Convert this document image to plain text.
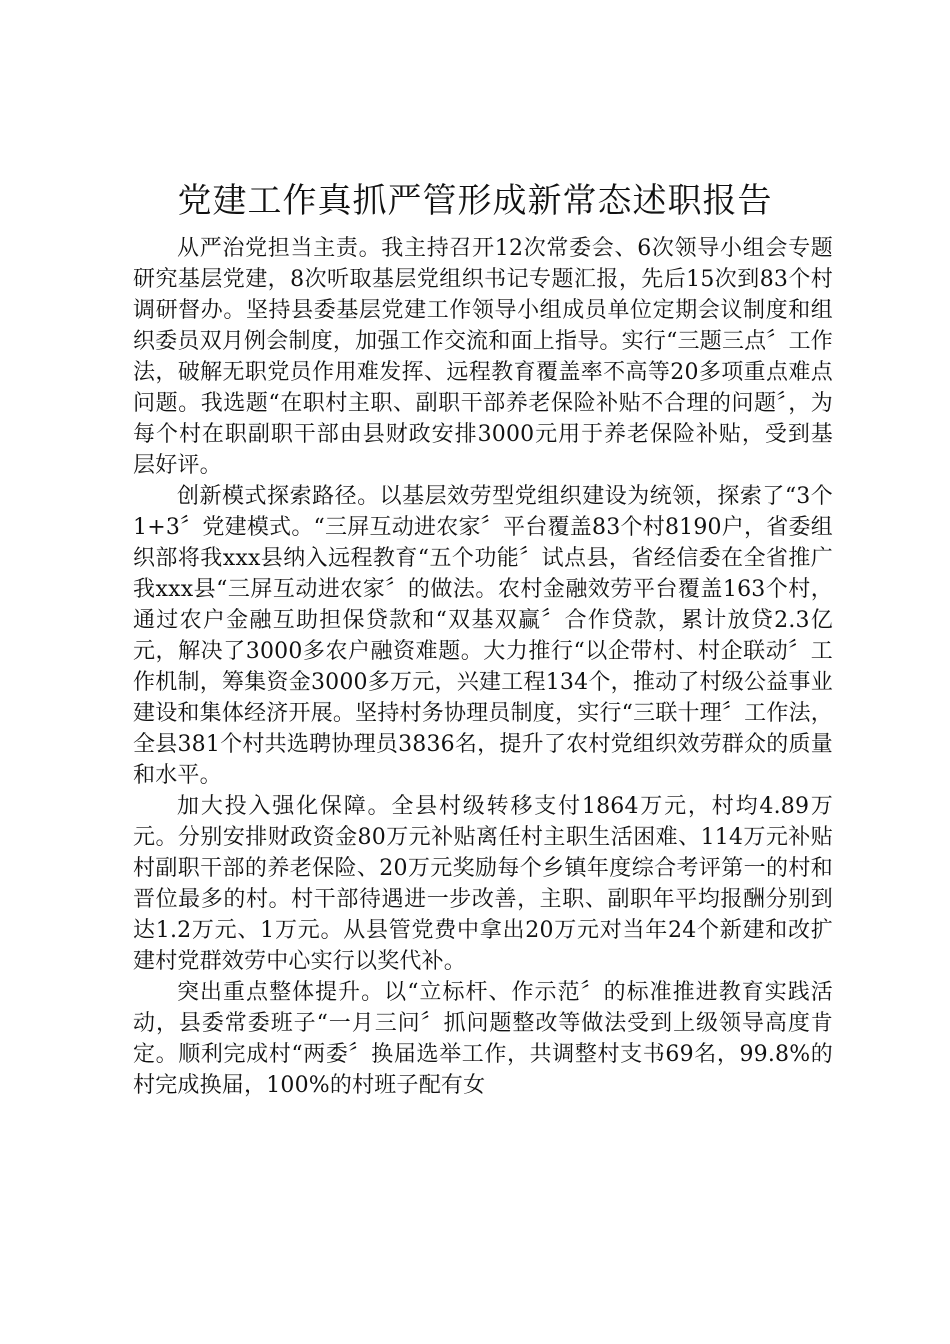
党建工作真抓严管形成新常态述职报告

从严治党担当主责。我主持召开12次常委会、6次领导小组会专题研究基层党建，8次听取基层党组织书记专题汇报，先后15次到83个村调研督办。坚持县委基层党建工作领导小组成员单位定期会议制度和组织委员双月例会制度，加强工作交流和面上指导。实行“三题三点〞工作法，破解无职党员作用难发挥、远程教育覆盖率不高等20多项重点难点问题。我选题“在职村主职、副职干部养老保险补贴不合理的问题〞，为每个村在职副职干部由县财政安排3000元用于养老保险补贴，受到基层好评。

创新模式探索路径。以基层效劳型党组织建设为统领，探索了“3个1+3〞党建模式。“三屏互动进农家〞平台覆盖83个村8190户，省委组织部将我xxx县纳入远程教育“五个功能〞试点县，省经信委在全省推广我xxx县“三屏互动进农家〞的做法。农村金融效劳平台覆盖163个村，通过农户金融互助担保贷款和“双基双赢〞合作贷款，累计放贷2.3亿元，解决了3000多农户融资难题。大力推行“以企带村、村企联动〞工作机制，筹集资金3000多万元，兴建工程134个，推动了村级公益事业建设和集体经济开展。坚持村务协理员制度，实行“三联十理〞工作法，全县381个村共选聘协理员3836名，提升了农村党组织效劳群众的质量和水平。

加大投入强化保障。全县村级转移支付1864万元，村均4.89万元。分别安排财政资金80万元补贴离任村主职生活困难、114万元补贴村副职干部的养老保险、20万元奖励每个乡镇年度综合考评第一的村和晋位最多的村。村干部待遇进一步改善，主职、副职年平均报酬分别到达1.2万元、1万元。从县管党费中拿出20万元对当年24个新建和改扩建村党群效劳中心实行以奖代补。

突出重点整体提升。以“立标杆、作示范〞的标准推进教育实践活动，县委常委班子“一月三问〞抓问题整改等做法受到上级领导高度肯定。顺利完成村“两委〞换届选举工作，共调整村支书69名，99.8%的村完成换届，100%的村班子配有女
